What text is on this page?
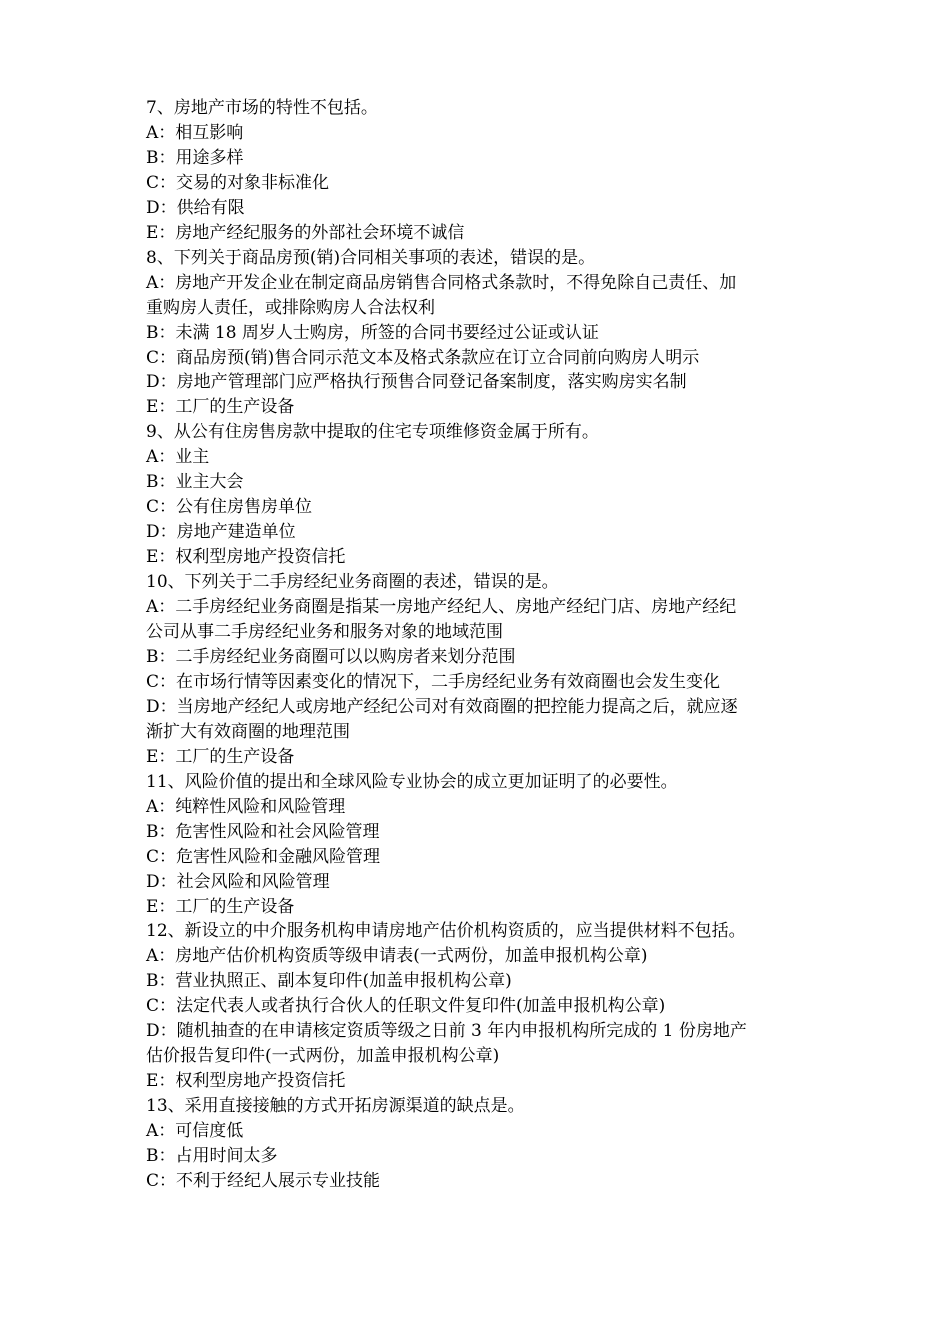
7、房地产市场的特性不包括。
A：相互影响
B：用途多样
C：交易的对象非标准化
D：供给有限
E：房地产经纪服务的外部社会环境不诚信
8、下列关于商品房预(销)合同相关事项的表述，错误的是。
A：房地产开发企业在制定商品房销售合同格式条款时，不得免除自己责任、加
重购房人责任，或排除购房人合法权利
B：未满 18 周岁人士购房，所签的合同书要经过公证或认证
C：商品房预(销)售合同示范文本及格式条款应在订立合同前向购房人明示
D：房地产管理部门应严格执行预售合同登记备案制度，落实购房实名制
E：工厂的生产设备
9、从公有住房售房款中提取的住宅专项维修资金属于所有。
A：业主
B：业主大会
C：公有住房售房单位
D：房地产建造单位
E：权利型房地产投资信托
10、下列关于二手房经纪业务商圈的表述，错误的是。
A：二手房经纪业务商圈是指某一房地产经纪人、房地产经纪门店、房地产经纪
公司从事二手房经纪业务和服务对象的地域范围
B：二手房经纪业务商圈可以以购房者来划分范围
C：在市场行情等因素变化的情况下，二手房经纪业务有效商圈也会发生变化
D：当房地产经纪人或房地产经纪公司对有效商圈的把控能力提高之后，就应逐
渐扩大有效商圈的地理范围
E：工厂的生产设备
11、风险价值的提出和全球风险专业协会的成立更加证明了的必要性。
A：纯粹性风险和风险管理
B：危害性风险和社会风险管理
C：危害性风险和金融风险管理
D：社会风险和风险管理
E：工厂的生产设备
12、新设立的中介服务机构申请房地产估价机构资质的，应当提供材料不包括。
A：房地产估价机构资质等级申请表(一式两份，加盖申报机构公章)
B：营业执照正、副本复印件(加盖申报机构公章)
C：法定代表人或者执行合伙人的任职文件复印件(加盖申报机构公章)
D：随机抽查的在申请核定资质等级之日前 3 年内申报机构所完成的 1 份房地产
估价报告复印件(一式两份，加盖申报机构公章)
E：权利型房地产投资信托
13、采用直接接触的方式开拓房源渠道的缺点是。
A：可信度低
B：占用时间太多
C：不利于经纪人展示专业技能
